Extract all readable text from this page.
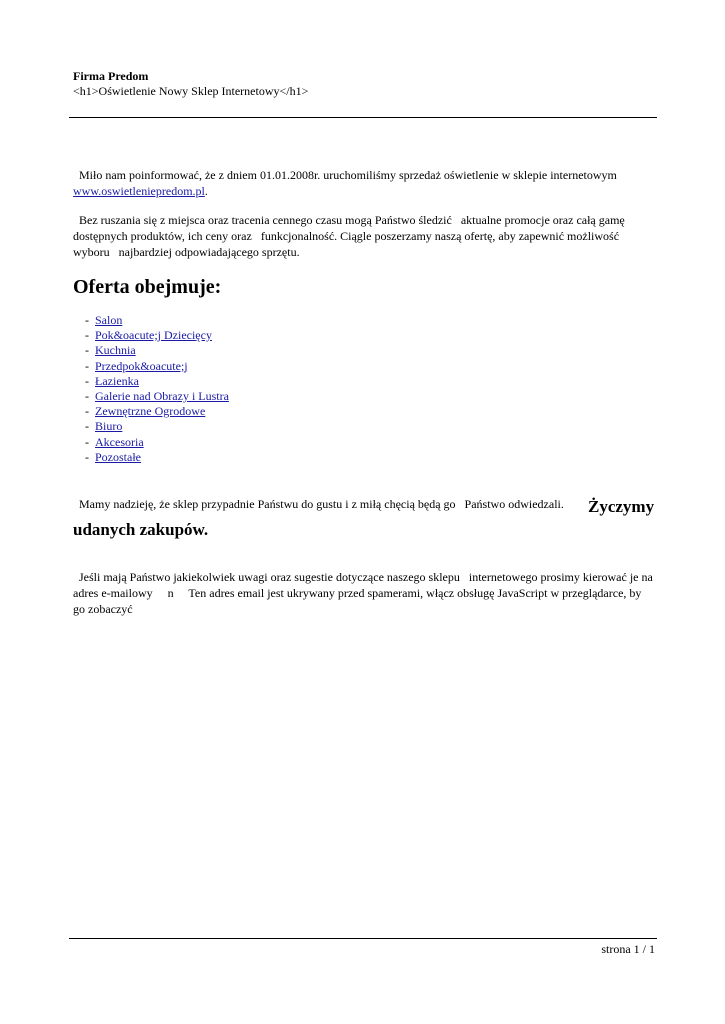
Firma Predom
<h1>Oświetlenie Nowy Sklep Internetowy</h1>
Miło nam poinformować, że z dniem 01.01.2008r. uruchomiliśmy sprzedaż oświetlenie w sklepie internetowym www.oswietleniepredom.pl.
Bez ruszania się z miejsca oraz tracenia cennego czasu mogą Państwo śledzić   aktualne promocje oraz całą gamę dostępnych produktów, ich ceny oraz   funkcjonalność. Ciągle poszerzamy naszą ofertę, aby zapewnić możliwość wyboru   najbardziej odpowiadającego sprzętu.
Oferta obejmuje:
- Salon
- Pok&oacute;j Dziecięcy
- Kuchnia
- Przedpok&oacute;j
- Łazienka
- Galerie nad Obrazy i Lustra
- Zewnętrzne Ogrodowe
- Biuro
- Akcesoria
- Pozostałe
Mamy nadzieję, że sklep przypadnie Państwu do gustu i z miłą chęcią będą go   Państwo odwiedzali.	Życzymy
udanych zakupów.
Jeśli mają Państwo jakiekolwiek uwagi oraz sugestie dotyczące naszego sklepu   internetowego prosimy kierować je na adres e-mailowy     n     Ten adres email jest ukrywany przed spamerami, włącz obsługę JavaScript w przeglądarce, by go zobaczyć
strona 1 / 1
